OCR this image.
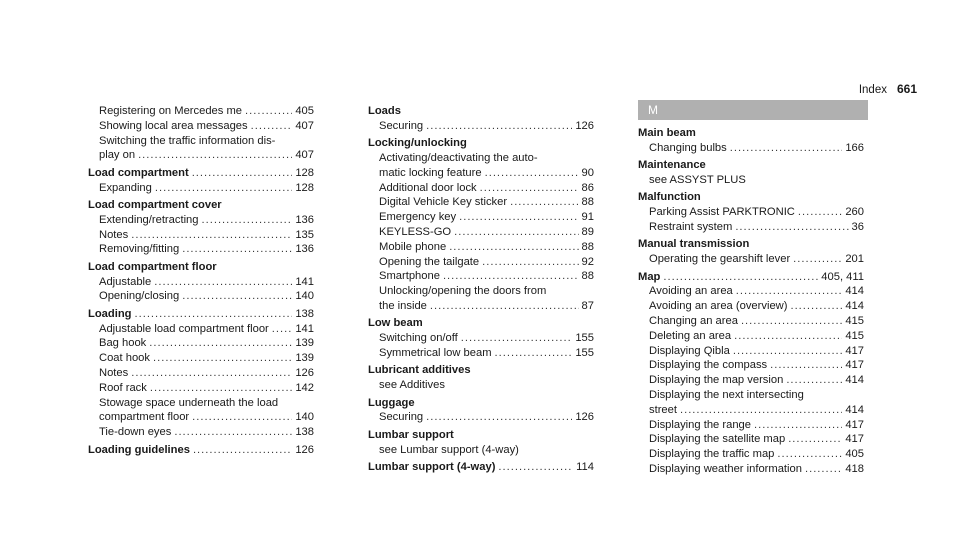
Index 661
Registering on Mercedes me .....	405
Showing local area messages .....	407
Switching the traffic information dis-
play on .....	407
Load compartment .....	128
Expanding .....	128
Load compartment cover
Extending/retracting .....	136
Notes .....	135
Removing/fitting .....	136
Load compartment floor
Adjustable .....	141
Opening/closing .....	140
Loading .....	138
Adjustable load compartment floor ..... 141
Bag hook .....	139
Coat hook .....	139
Notes .....	126
Roof rack .....	142
Stowage space underneath the load
compartment floor .....	140
Tie-down eyes .....	138
Loading guidelines .....	126
Loads
Securing .....	126
Locking/unlocking
Activating/deactivating the auto-
matic locking feature .....	90
Additional door lock .....	86
Digital Vehicle Key sticker .....	88
Emergency key .....	91
KEYLESS-GO .....	89
Mobile phone .....	88
Opening the tailgate .....	92
Smartphone .....	88
Unlocking/opening the doors from
the inside .....	87
Low beam
Switching on/off .....	155
Symmetrical low beam .....	155
Lubricant additives
see Additives
Luggage
Securing .....	126
Lumbar support
see Lumbar support (4-way)
Lumbar support (4-way) .....	114
M
Main beam
Changing bulbs .....	166
Maintenance
see ASSYST PLUS
Malfunction
Parking Assist PARKTRONIC .....	260
Restraint system .....	36
Manual transmission
Operating the gearshift lever .....	201
Map .....	405, 411
Avoiding an area .....	414
Avoiding an area (overview) .....	414
Changing an area .....	415
Deleting an area .....	415
Displaying Qibla .....	417
Displaying the compass .....	417
Displaying the map version .....	414
Displaying the next intersecting
street .....	414
Displaying the range .....	417
Displaying the satellite map .....	417
Displaying the traffic map .....	405
Displaying weather information .....	418
